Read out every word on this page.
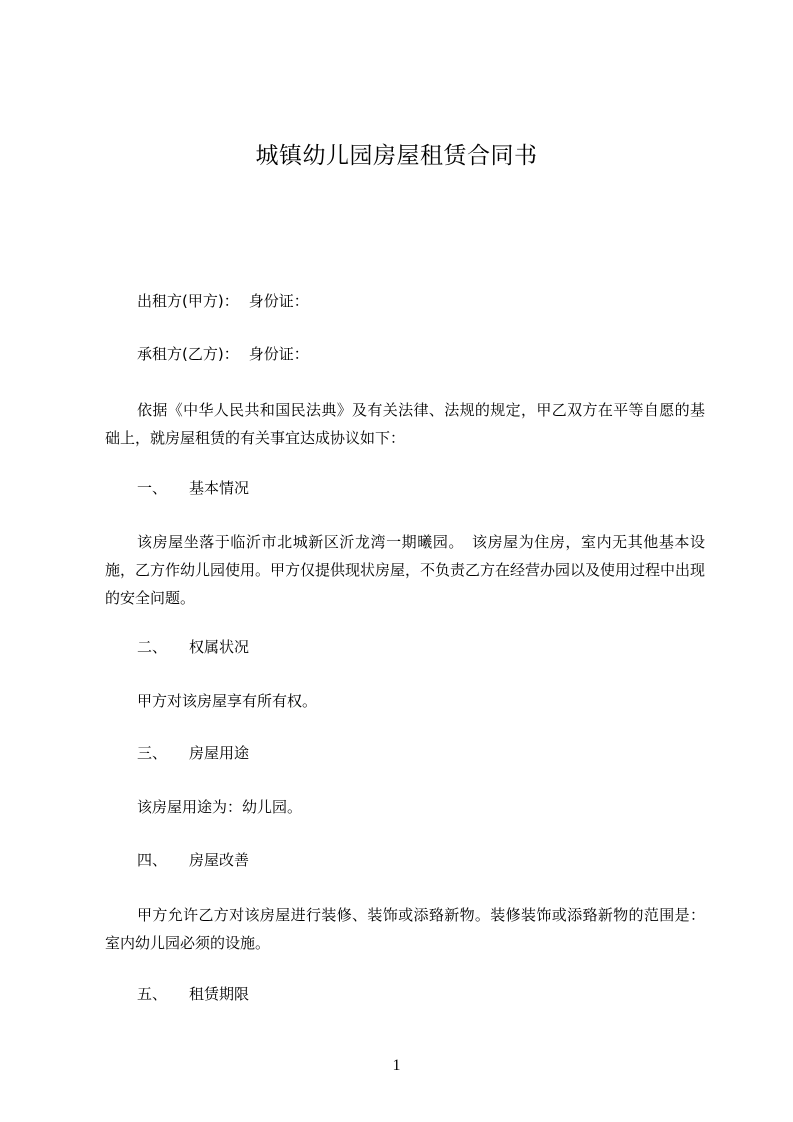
城镇幼儿园房屋租赁合同书
出租方(甲方)： 身份证：
承租方(乙方)： 身份证：
依据《中华人民共和国民法典》及有关法律、法规的规定，甲乙双方在平等自愿的基础上，就房屋租赁的有关事宜达成协议如下：
一、 基本情况
该房屋坐落于临沂市北城新区沂龙湾一期曦园。　该房屋为住房，室内无其他基本设施，乙方作幼儿园使用。甲方仅提供现状房屋，不负责乙方在经营办园以及使用过程中出现的安全问题。
二、 权属状况
甲方对该房屋享有所有权。
三、 房屋用途
该房屋用途为：幼儿园。
四、 房屋改善
甲方允许乙方对该房屋进行装修、装饰或添臵新物。装修装饰或添臵新物的范围是：室内幼儿园必须的设施。
五、 租赁期限
1
